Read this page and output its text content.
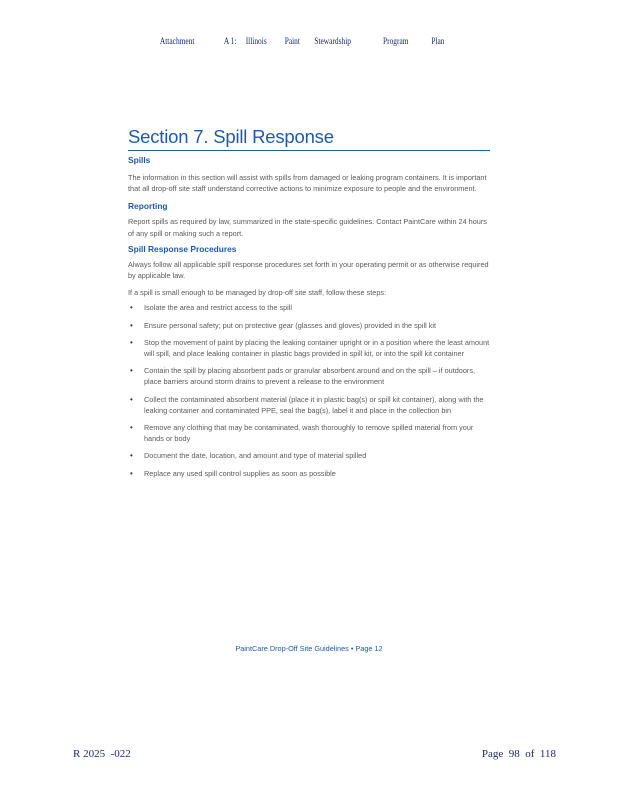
Attachment	A 1: Illinois Paint Stewardship	Program Plan
Section 7. Spill Response

Spills

The information in this section will assist with spills from damaged or leaking program containers. It is important that all drop-off site staff understand corrective actions to minimize exposure to people and the environment.

Reporting

Report spills as required by law, summarized in the state-specific guidelines. Contact PaintCare within 24 hours of any spill or making such a report.

Spill Response Procedures

Always follow all applicable spill response procedures set forth in your operating permit or as otherwise required by applicable law.

If a spill is small enough to be managed by drop-off site staff, follow these steps:

• Isolate the area and restrict access to the spill
• Ensure personal safety; put on protective gear (glasses and gloves) provided in the spill kit
• Stop the movement of paint by placing the leaking container upright or in a position where the least amount will spill, and place leaking container in plastic bags provided in spill kit, or into the spill kit container
• Contain the spill by placing absorbent pads or granular absorbent around and on the spill – if outdoors, place barriers around storm drains to prevent a release to the environment
• Collect the contaminated absorbent material (place it in plastic bag(s) or spill kit container), along with the leaking container and contaminated PPE, seal the bag(s), label it and place in the collection bin
• Remove any clothing that may be contaminated, wash thoroughly to remove spilled material from your hands or body
• Document the date, location, and amount and type of material spilled
• Replace any used spill control supplies as soon as possible
PaintCare Drop-Off Site Guidelines • Page 12
R 2025  -022	Page  98  of  118
